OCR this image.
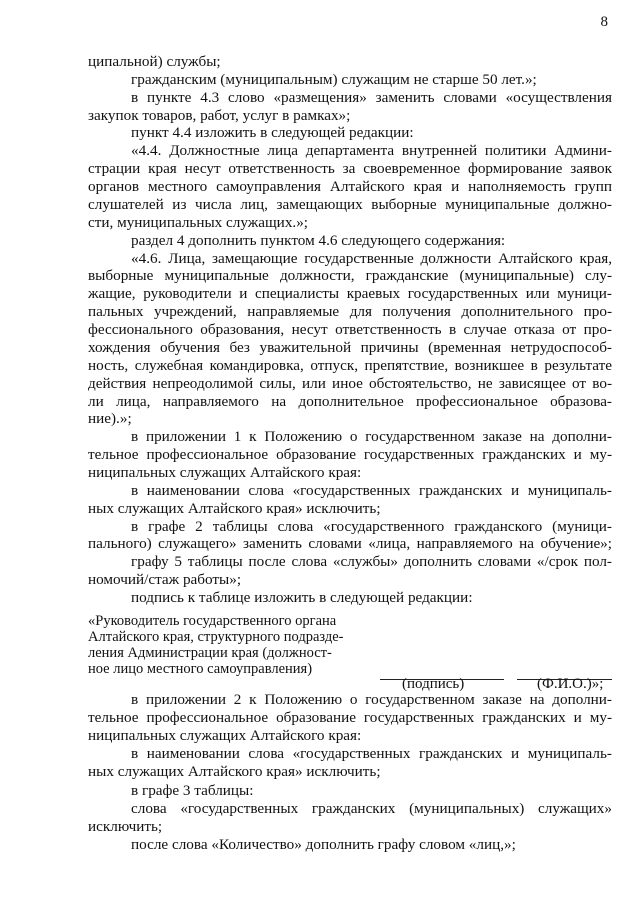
8
ципальной) службы;
гражданским (муниципальным) служащим не старше 50 лет.»;
в пункте 4.3 слово «размещения» заменить словами «осуществления
закупок товаров, работ, услуг в рамках»;
пункт 4.4 изложить в следующей редакции:
«4.4. Должностные лица департамента внутренней политики Админи-
страции края несут ответственность за своевременное формирование заявок
органов местного самоуправления Алтайского края и наполняемость групп
слушателей из числа лиц, замещающих выборные муниципальные должно-
сти, муниципальных служащих.»;
раздел 4 дополнить пунктом 4.6 следующего содержания:
«4.6. Лица, замещающие государственные должности Алтайского края,
выборные муниципальные должности, гражданские (муниципальные) слу-
жащие, руководители и специалисты краевых государственных или муници-
пальных учреждений, направляемые для получения дополнительного про-
фессионального образования, несут ответственность в случае отказа от про-
хождения обучения без уважительной причины (временная нетрудоспособ-
ность, служебная командировка, отпуск, препятствие, возникшее в результате
действия непреодолимой силы, или иное обстоятельство, не зависящее от во-
ли лица, направляемого на дополнительное профессиональное образова-
ние).»;
в приложении 1 к Положению о государственном заказе на дополни-
тельное профессиональное образование государственных гражданских и му-
ниципальных служащих Алтайского края:
в наименовании слова «государственных гражданских и муниципаль-
ных служащих Алтайского края» исключить;
в графе 2 таблицы слова «государственного гражданского (муници-
пального) служащего» заменить словами «лица, направляемого на обучение»;
графу 5 таблицы после слова «службы» дополнить словами «/срок пол-
номочий/стаж работы»;
подпись к таблице изложить в следующей редакции:
«Руководитель государственного органа
Алтайского края, структурного подразде-
ления Администрации края (должност-
ное лицо местного самоуправления)
(подпись)	(Ф.И.О.)»;
в приложении 2 к Положению о государственном заказе на дополни-
тельное профессиональное образование государственных гражданских и му-
ниципальных служащих Алтайского края:
в наименовании слова «государственных гражданских и муниципаль-
ных служащих Алтайского края» исключить;
в графе 3 таблицы:
слова «государственных гражданских (муниципальных) служащих»
исключить;
после слова «Количество» дополнить графу словом «лиц,»;
